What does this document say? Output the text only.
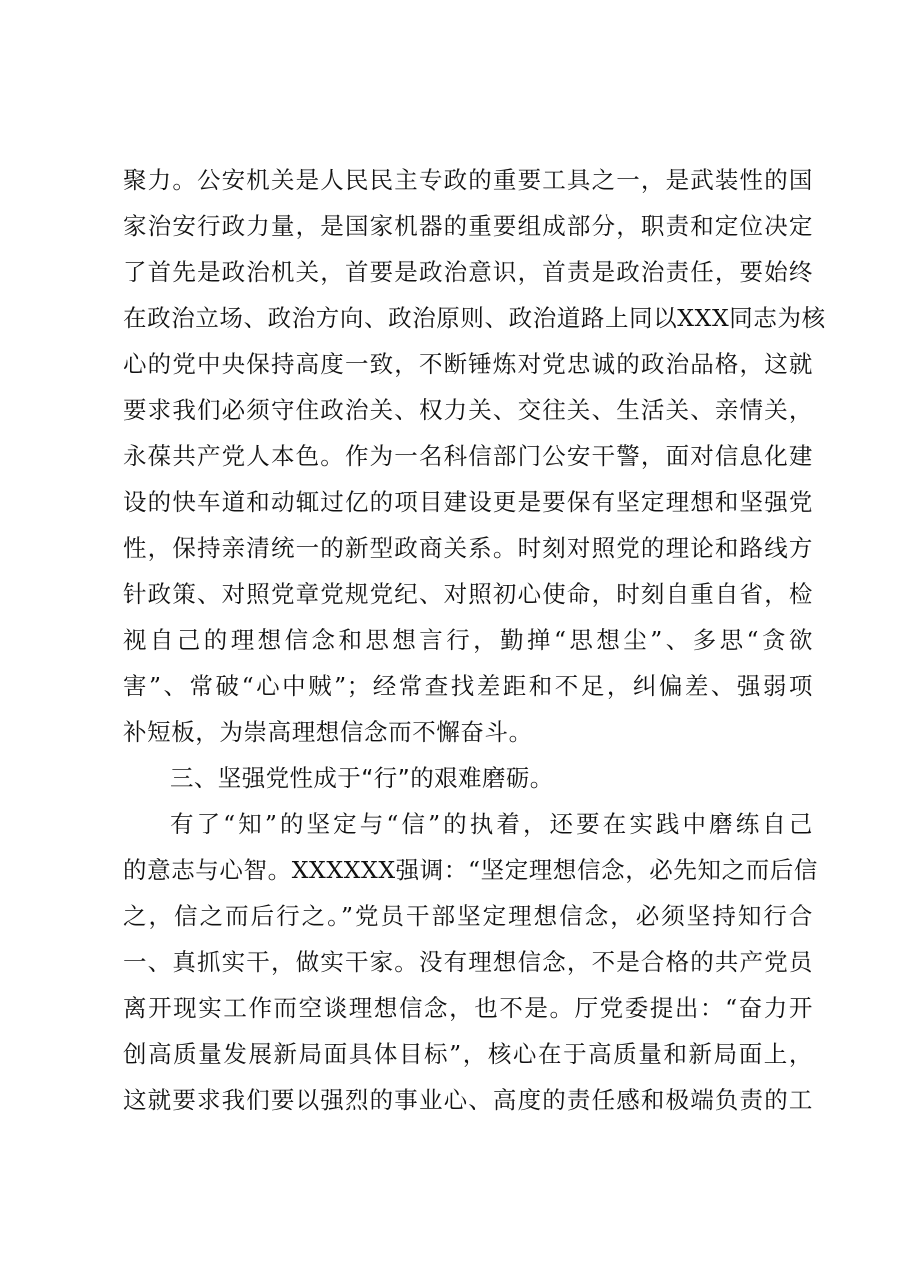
聚力。公安机关是人民民主专政的重要工具之一，是武装性的国
家治安行政力量，是国家机器的重要组成部分，职责和定位决定
了首先是政治机关，首要是政治意识，首责是政治责任，要始终
在政治立场、政治方向、政治原则、政治道路上同以XXX同志为核
心的党中央保持高度一致，不断锤炼对党忠诚的政治品格，这就
要求我们必须守住政治关、权力关、交往关、生活关、亲情关，
永葆共产党人本色。作为一名科信部门公安干警，面对信息化建
设的快车道和动辄过亿的项目建设更是要保有坚定理想和坚强党
性，保持亲清统一的新型政商关系。时刻对照党的理论和路线方
针政策、对照党章党规党纪、对照初心使命，时刻自重自省，检
视自己的理想信念和思想言行，勤掸“思想尘”、多思“贪欲
害”、常破“心中贼”；经常查找差距和不足，纠偏差、强弱项
补短板，为崇高理想信念而不懈奋斗。
三、坚强党性成于“行”的艰难磨砺。
有了“知”的坚定与“信”的执着，还要在实践中磨练自己
的意志与心智。XXXXXX强调：“坚定理想信念，必先知之而后信
之，信之而后行之。”党员干部坚定理想信念，必须坚持知行合
一、真抓实干，做实干家。没有理想信念，不是合格的共产党员
离开现实工作而空谈理想信念，也不是。厅党委提出：“奋力开
创高质量发展新局面具体目标”，核心在于高质量和新局面上，
这就要求我们要以强烈的事业心、高度的责任感和极端负责的工
